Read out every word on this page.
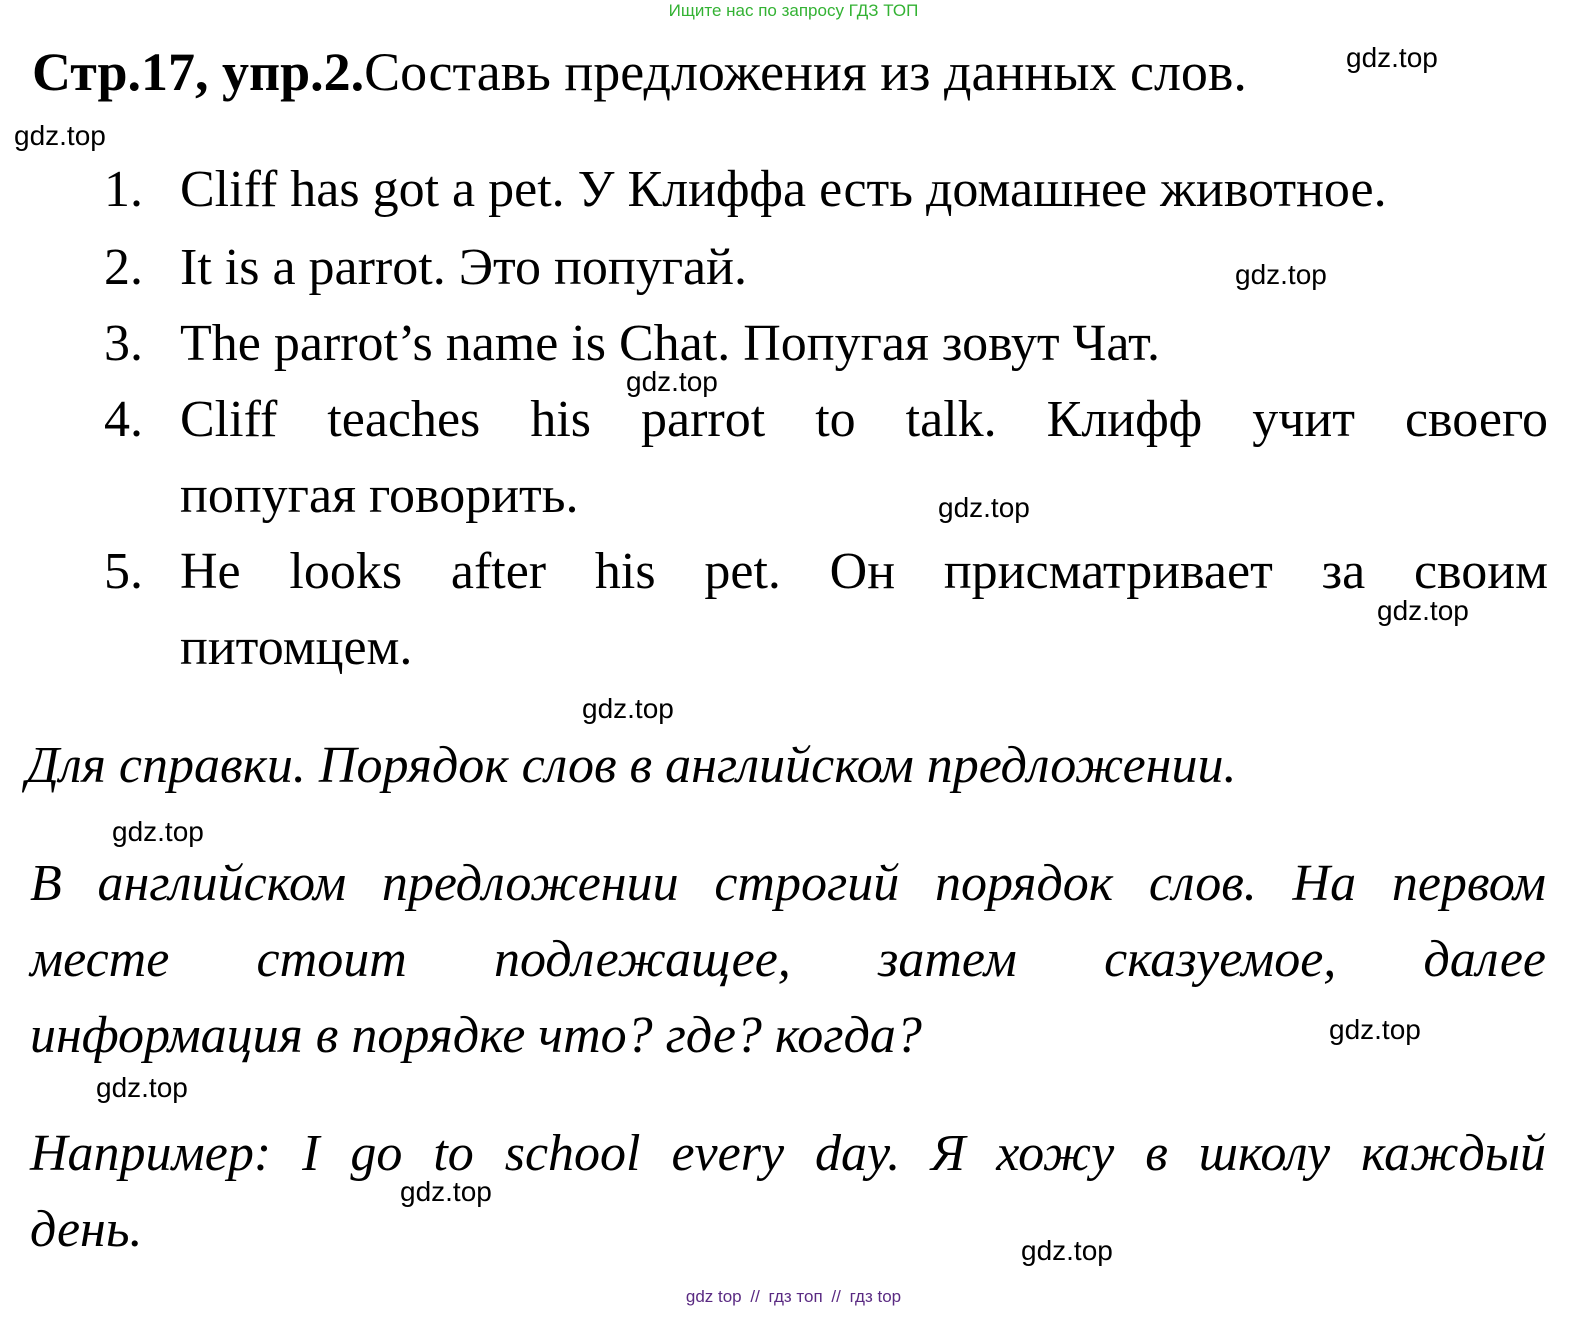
Ищите нас по запросу ГДЗ ТОП
Стр.17, упр.2.Составь предложения из данных слов.
1. Cliff has got a pet. У Клиффа есть домашнее животное.
2. It is a parrot. Это попугай.
3. The parrot’s name is Chat. Попугая зовут Чат.
4. Cliff teaches his parrot to talk. Клифф учит своего
попугая говорить.
5. He looks after his pet. Он присматривает за своим
питомцем.
Для справки. Порядок слов в английском предложении.
В английском предложении строгий порядок слов. На первом
месте стоит подлежащее, затем сказуемое, далее
информация в порядке что? где? когда?
Например: I go to school every day. Я хожу в школу каждый
день.
gdz.top
gdz.top
gdz.top
gdz.top
gdz.top
gdz.top
gdz.top
gdz.top
gdz.top
gdz.top
gdz.top
gdz.top
gdz top // гдз топ // гдз top
